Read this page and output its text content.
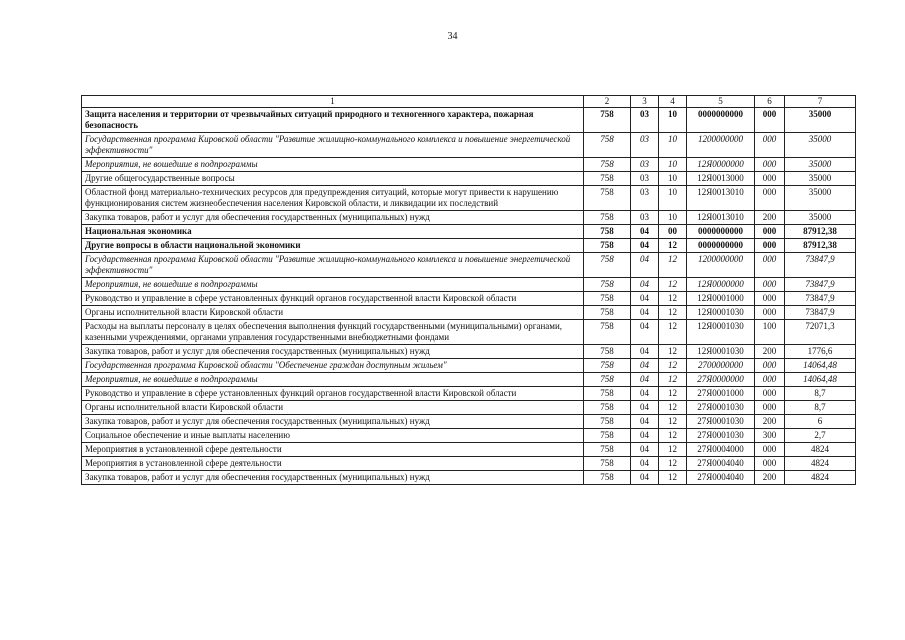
34
1	2	3	4	5	6	7
Защита населения и территории от чрезвычайных ситуаций природного и техногенного характера, пожарная безопасность	758	03	10	0000000000	000	35000
Государственная программа Кировской области "Развитие жилищно-коммунального комплекса и повышение энергетической эффективности"	758	03	10	1200000000	000	35000
Мероприятия, не вошедшие в подпрограммы	758	03	10	12Я0000000	000	35000
Другие общегосударственные вопросы	758	03	10	12Я0013000	000	35000
Областной фонд материально-технических ресурсов для предупреждения ситуаций, которые могут привести к нарушению функционирования систем жизнеобеспечения населения Кировской области, и ликвидации их последствий	758	03	10	12Я0013010	000	35000
Закупка товаров, работ и услуг для обеспечения государственных (муниципальных) нужд	758	03	10	12Я0013010	200	35000
Национальная экономика	758	04	00	0000000000	000	87912,38
Другие вопросы в области национальной экономики	758	04	12	0000000000	000	87912,38
Государственная программа Кировской области "Развитие жилищно-коммунального комплекса и повышение энергетической эффективности"	758	04	12	1200000000	000	73847,9
Мероприятия, не вошедшие в подпрограммы	758	04	12	12Я0000000	000	73847,9
Руководство и управление в сфере установленных функций органов государственной власти Кировской области	758	04	12	12Я0001000	000	73847,9
Органы исполнительной власти Кировской области	758	04	12	12Я0001030	000	73847,9
Расходы на выплаты персоналу в целях обеспечения выполнения функций государственными (муниципальными) органами, казенными учреждениями, органами управления государственными внебюджетными фондами	758	04	12	12Я0001030	100	72071,3
Закупка товаров, работ и услуг для обеспечения государственных (муниципальных) нужд	758	04	12	12Я0001030	200	1776,6
Государственная программа Кировской области "Обеспечение граждан доступным жильем"	758	04	12	2700000000	000	14064,48
Мероприятия, не вошедшие в подпрограммы	758	04	12	27Я0000000	000	14064,48
Руководство и управление в сфере установленных функций органов государственной власти Кировской области	758	04	12	27Я0001000	000	8,7
Органы исполнительной власти Кировской области	758	04	12	27Я0001030	000	8,7
Закупка товаров, работ и услуг для обеспечения государственных (муниципальных) нужд	758	04	12	27Я0001030	200	6
Социальное обеспечение и иные выплаты населению	758	04	12	27Я0001030	300	2,7
Мероприятия в установленной сфере деятельности	758	04	12	27Я0004000	000	4824
Мероприятия в установленной сфере деятельности	758	04	12	27Я0004040	000	4824
Закупка товаров, работ и услуг для обеспечения государственных (муниципальных) нужд	758	04	12	27Я0004040	200	4824
